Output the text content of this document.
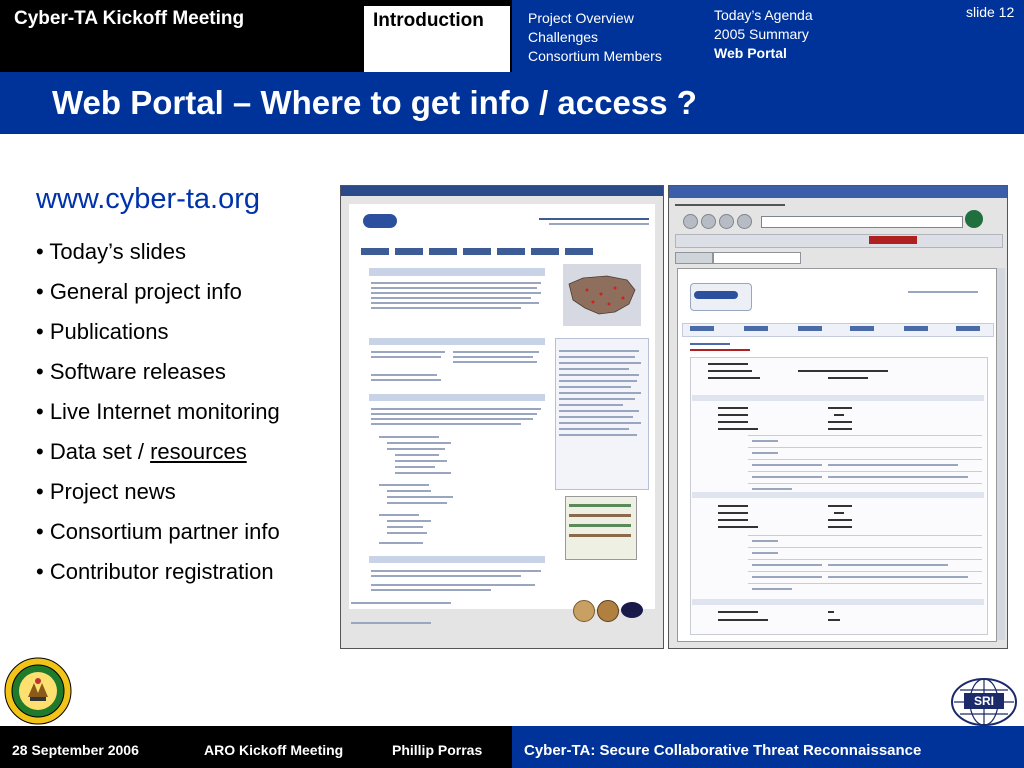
Cyber-TA Kickoff Meeting	Introduction	Project Overview
Challenges
Consortium Members
Today’s Agenda
2005 Summary
Web Portal
slide 12
Web Portal – Where to get info / access ?
www.cyber-ta.org
• Today’s slides
• General project info
• Publications
• Software releases
• Live Internet monitoring
• Data set / resources
• Project news
• Consortium partner info
• Contributor registration
28 September 2006	ARO Kickoff Meeting	Phillip Porras	Cyber-TA: Secure Collaborative Threat Reconnaissance
SRI
